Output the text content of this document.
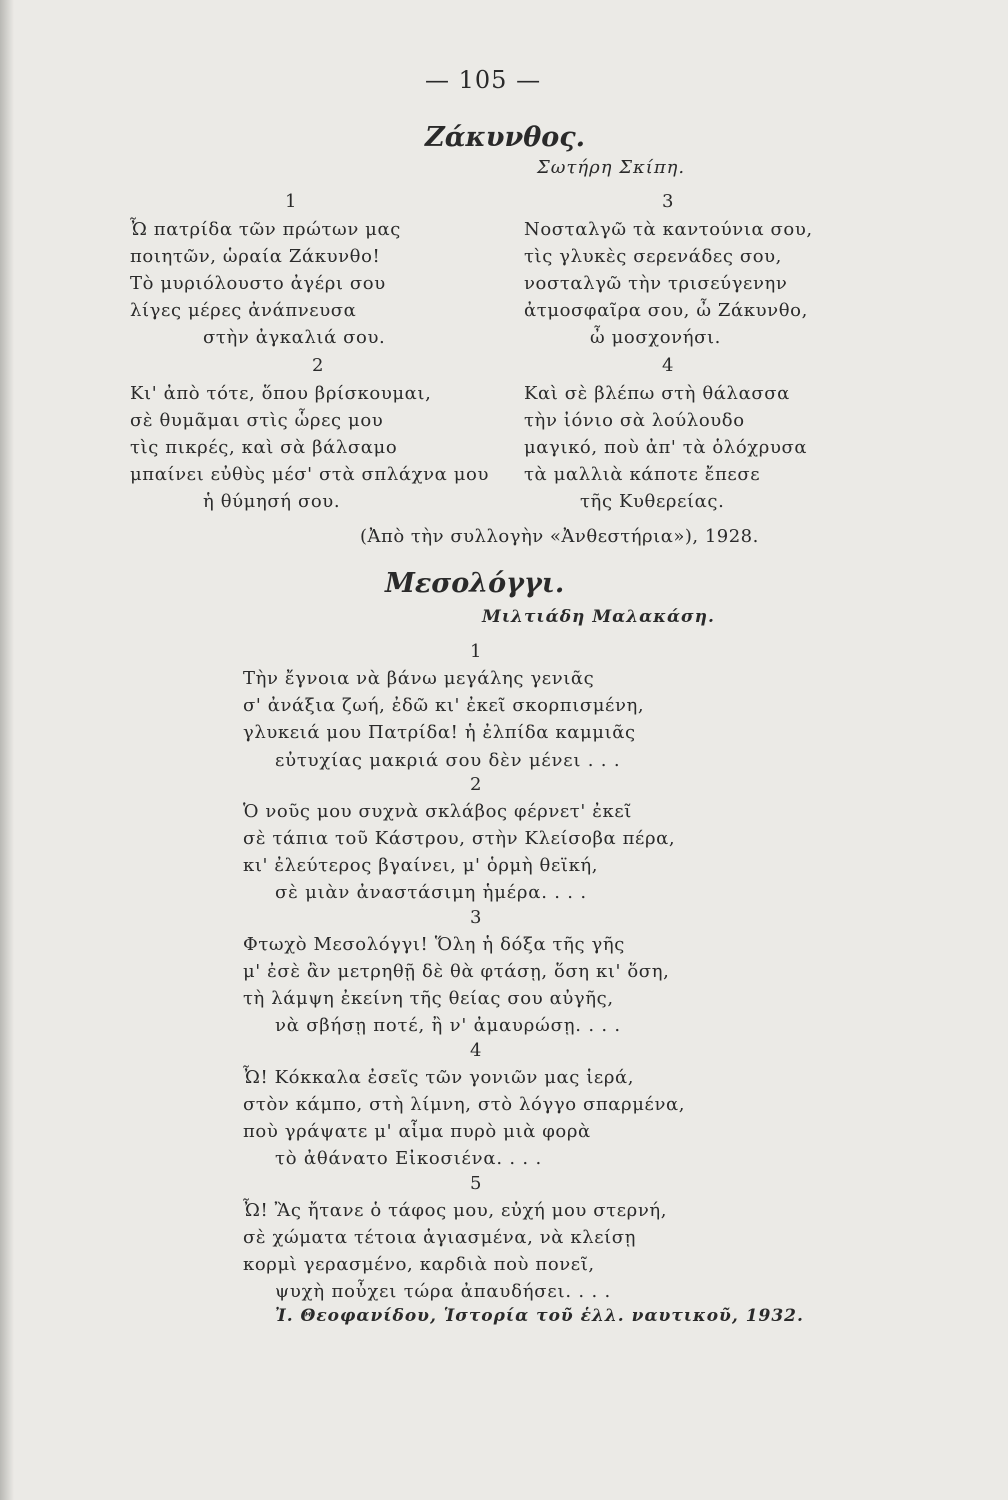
— 105 —
Ζάκυνθος.
Σωτήρη Σκίπη.
1
Ὦ πατρίδα τῶν πρώτων μας
ποιητῶν, ὡραία Ζάκυνθο!
Τὸ μυριόλουστο ἀγέρι σου
λίγες μέρες ἀνάπνευσα
στὴν ἀγκαλιά σου.
2
Κι' ἀπὸ τότε, ὅπου βρίσκουμαι,
σὲ θυμᾶμαι στὶς ὧρες μου
τὶς πικρές, καὶ σὰ βάλσαμο
μπαίνει εὐθὺς μέσ' στὰ σπλάχνα μου
ἡ θύμησή σου.
3
Νοσταλγῶ τὰ καντούνια σου,
τὶς γλυκὲς σερενάδες σου,
νοσταλγῶ τὴν τρισεύγενην
ἀτμοσφαῖρα σου, ὦ Ζάκυνθο,
ὦ μοσχονήσι.
4
Καὶ σὲ βλέπω στὴ θάλασσα
τὴν ἰόνιο σὰ λούλουδο
μαγικό, ποὺ ἀπ' τὰ ὁλόχρυσα
τὰ μαλλιὰ κάποτε ἔπεσε
τῆς Κυθερείας.
(Ἀπὸ τὴν συλλογὴν «Ἀνθεστήρια»), 1928.
Μεσολόγγι.
Μιλτιάδη Μαλακάση.
1
Τὴν ἔγνοια νὰ βάνω μεγάλης γενιᾶς
σ' ἀνάξια ζωή, ἐδῶ κι' ἐκεῖ σκορπισμένη,
γλυκειά μου Πατρίδα! ἡ ἐλπίδα καμμιᾶς
εὐτυχίας μακριά σου δὲν μένει . . .
2
Ὁ νοῦς μου συχνὰ σκλάβος φέρνετ' ἐκεῖ
σὲ τάπια τοῦ Κάστρου, στὴν Κλείσοβα πέρα,
κι' ἐλεύτερος βγαίνει, μ' ὁρμὴ θεϊκή,
σὲ μιὰν ἀναστάσιμη ἡμέρα. . . .
3
Φτωχὸ Μεσολόγγι! Ὅλη ἡ δόξα τῆς γῆς
μ' ἐσὲ ἂν μετρηθῇ δὲ θὰ φτάσῃ, ὅση κι' ὅση,
τὴ λάμψη ἐκείνη τῆς θείας σου αὐγῆς,
νὰ σβήσῃ ποτέ, ἢ ν' ἀμαυρώσῃ. . . .
4
Ὦ! Κόκκαλα ἐσεῖς τῶν γονιῶν μας ἱερά,
στὸν κάμπο, στὴ λίμνη, στὸ λόγγο σπαρμένα,
ποὺ γράψατε μ' αἷμα πυρὸ μιὰ φορὰ
τὸ ἀθάνατο Εἰκοσιένα. . . .
5
Ὦ! Ἂς ἤτανε ὁ τάφος μου, εὐχή μου στερνή,
σὲ χώματα τέτοια ἁγιασμένα, νὰ κλείσῃ
κορμὶ γερασμένο, καρδιὰ ποὺ πονεῖ,
ψυχὴ ποὖχει τώρα ἀπαυδήσει. . . .
Ἰ. Θεοφανίδου, Ἱστορία τοῦ ἑλλ. ναυτικοῦ, 1932.
